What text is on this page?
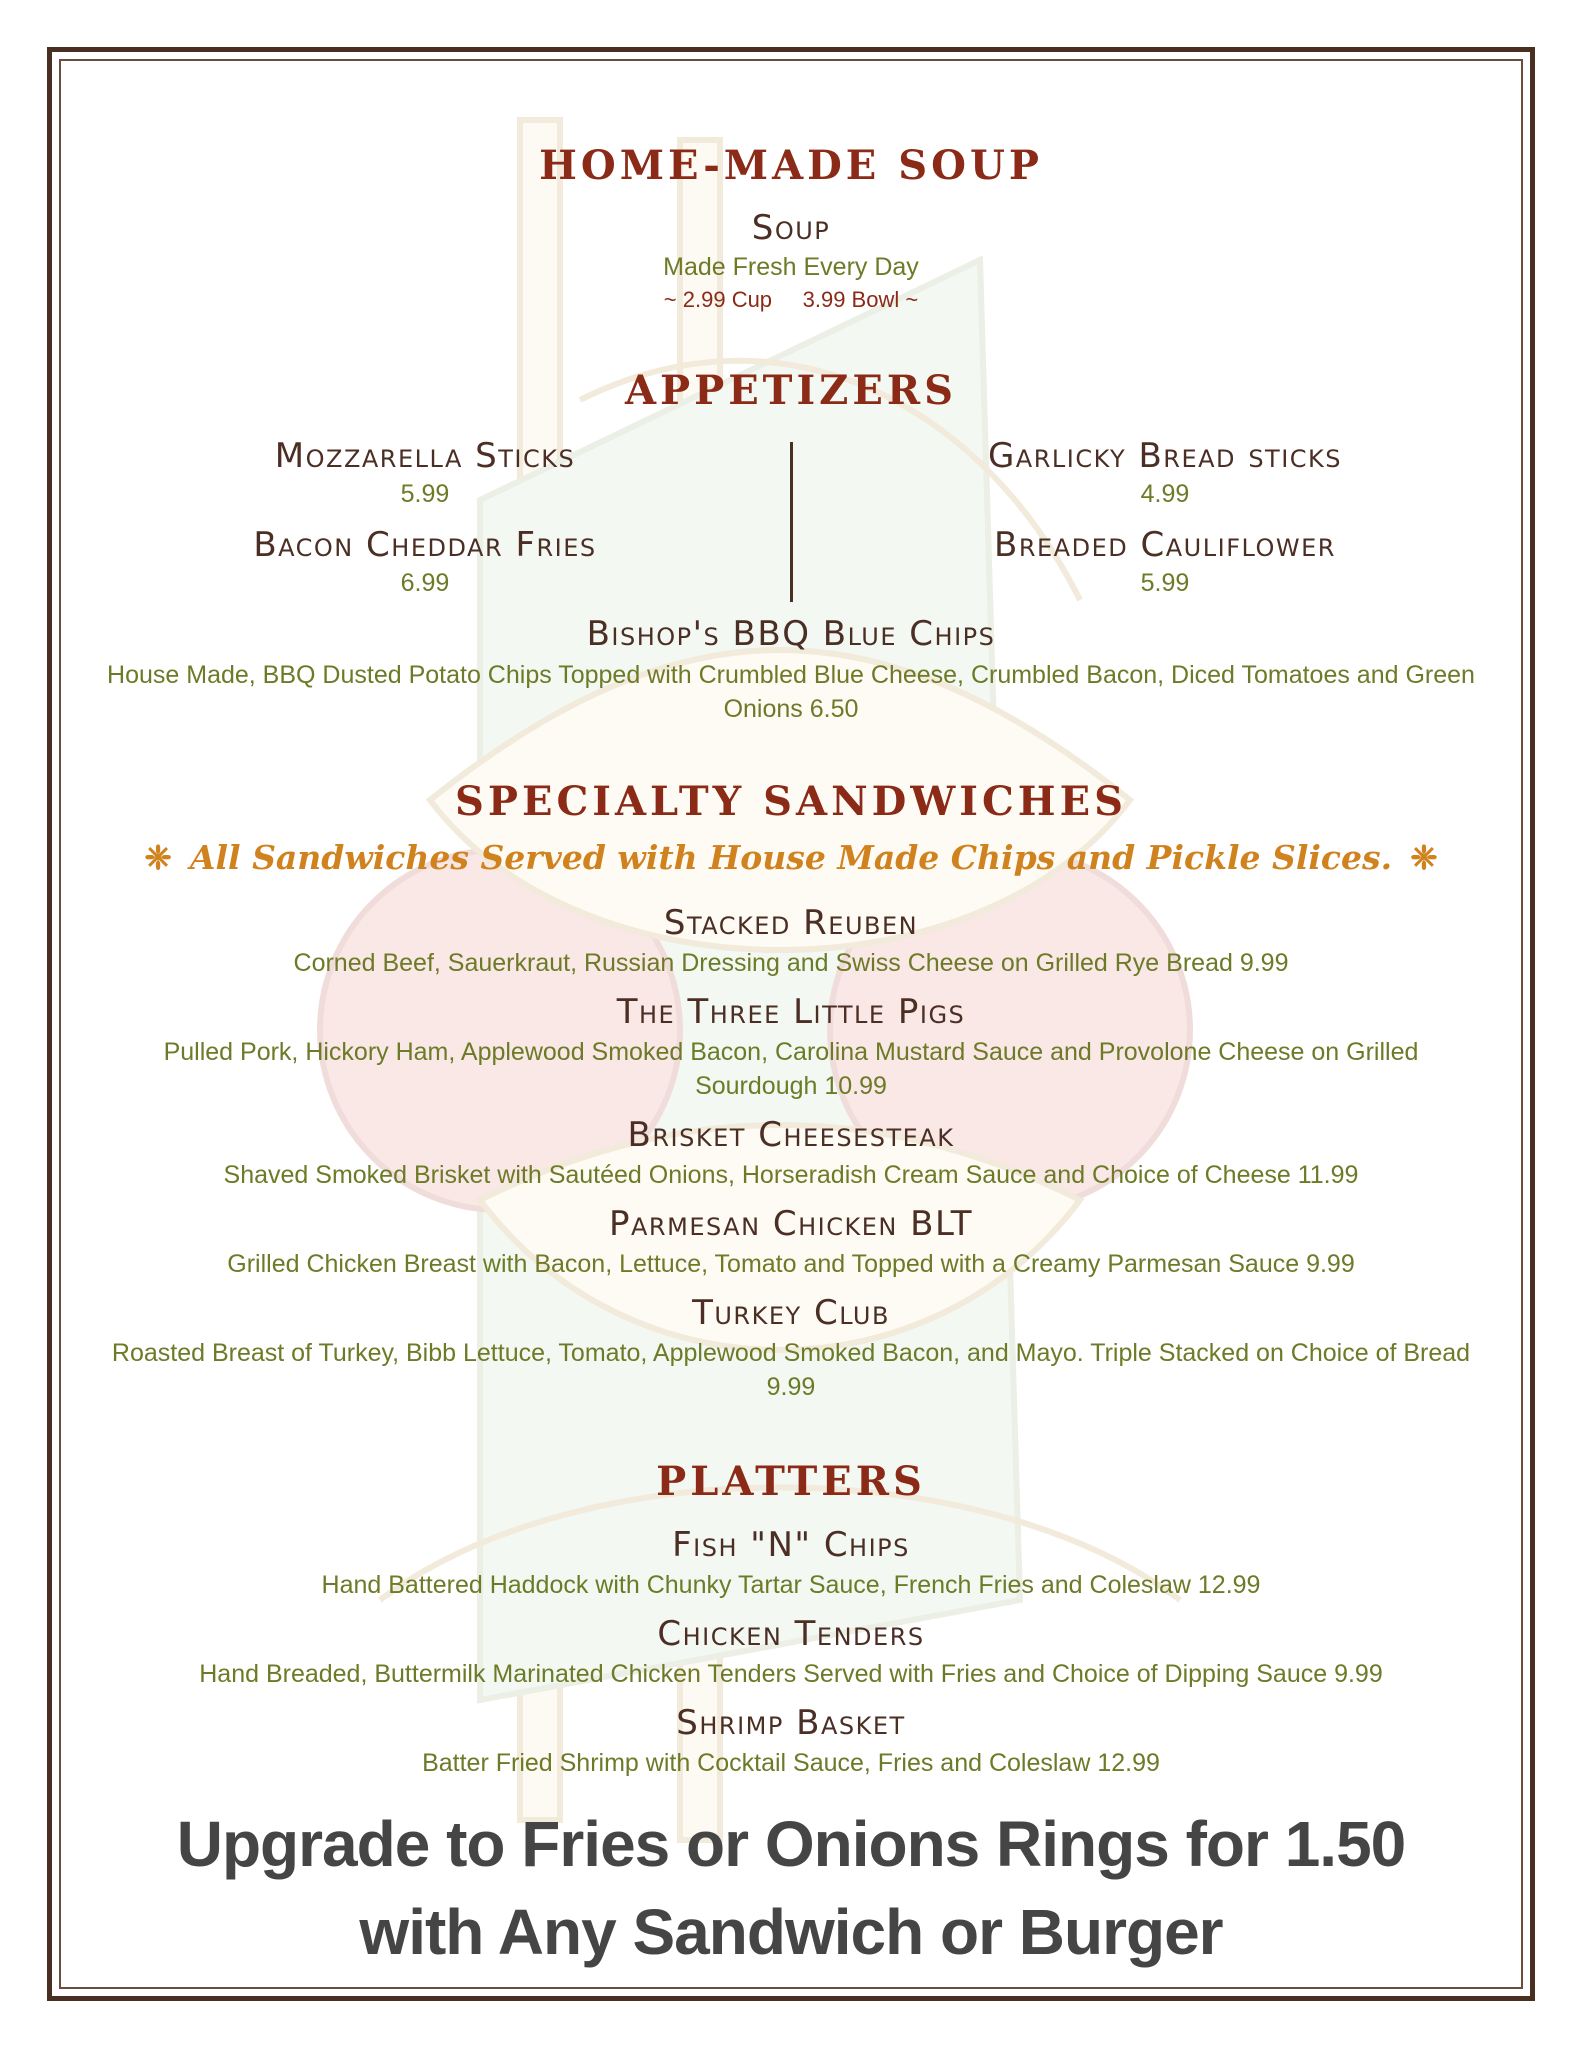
HOME-MADE SOUP
Soup
Made Fresh Every Day
~ 2.99 Cup 3.99 Bowl ~
APPETIZERS
Mozzarella Sticks
5.99
Bacon Cheddar Fries
6.99
Garlicky Bread sticks
4.99
Breaded Cauliflower
5.99
Bishop's BBQ Blue Chips
House Made, BBQ Dusted Potato Chips Topped with Crumbled Blue Cheese, Crumbled Bacon, Diced Tomatoes and Green Onions 6.50
SPECIALTY SANDWICHES
❈ All Sandwiches Served with House Made Chips and Pickle Slices. ❈
Stacked Reuben
Corned Beef, Sauerkraut, Russian Dressing and Swiss Cheese on Grilled Rye Bread 9.99
The Three Little Pigs
Pulled Pork, Hickory Ham, Applewood Smoked Bacon, Carolina Mustard Sauce and Provolone Cheese on Grilled Sourdough 10.99
Brisket Cheesesteak
Shaved Smoked Brisket with Sautéed Onions, Horseradish Cream Sauce and Choice of Cheese 11.99
Parmesan Chicken BLT
Grilled Chicken Breast with Bacon, Lettuce, Tomato and Topped with a Creamy Parmesan Sauce 9.99
Turkey Club
Roasted Breast of Turkey, Bibb Lettuce, Tomato, Applewood Smoked Bacon, and Mayo. Triple Stacked on Choice of Bread 9.99
PLATTERS
Fish "N" Chips
Hand Battered Haddock with Chunky Tartar Sauce, French Fries and Coleslaw 12.99
Chicken Tenders
Hand Breaded, Buttermilk Marinated Chicken Tenders Served with Fries and Choice of Dipping Sauce 9.99
Shrimp Basket
Batter Fried Shrimp with Cocktail Sauce, Fries and Coleslaw 12.99
Upgrade to Fries or Onions Rings for 1.50
with Any Sandwich or Burger
